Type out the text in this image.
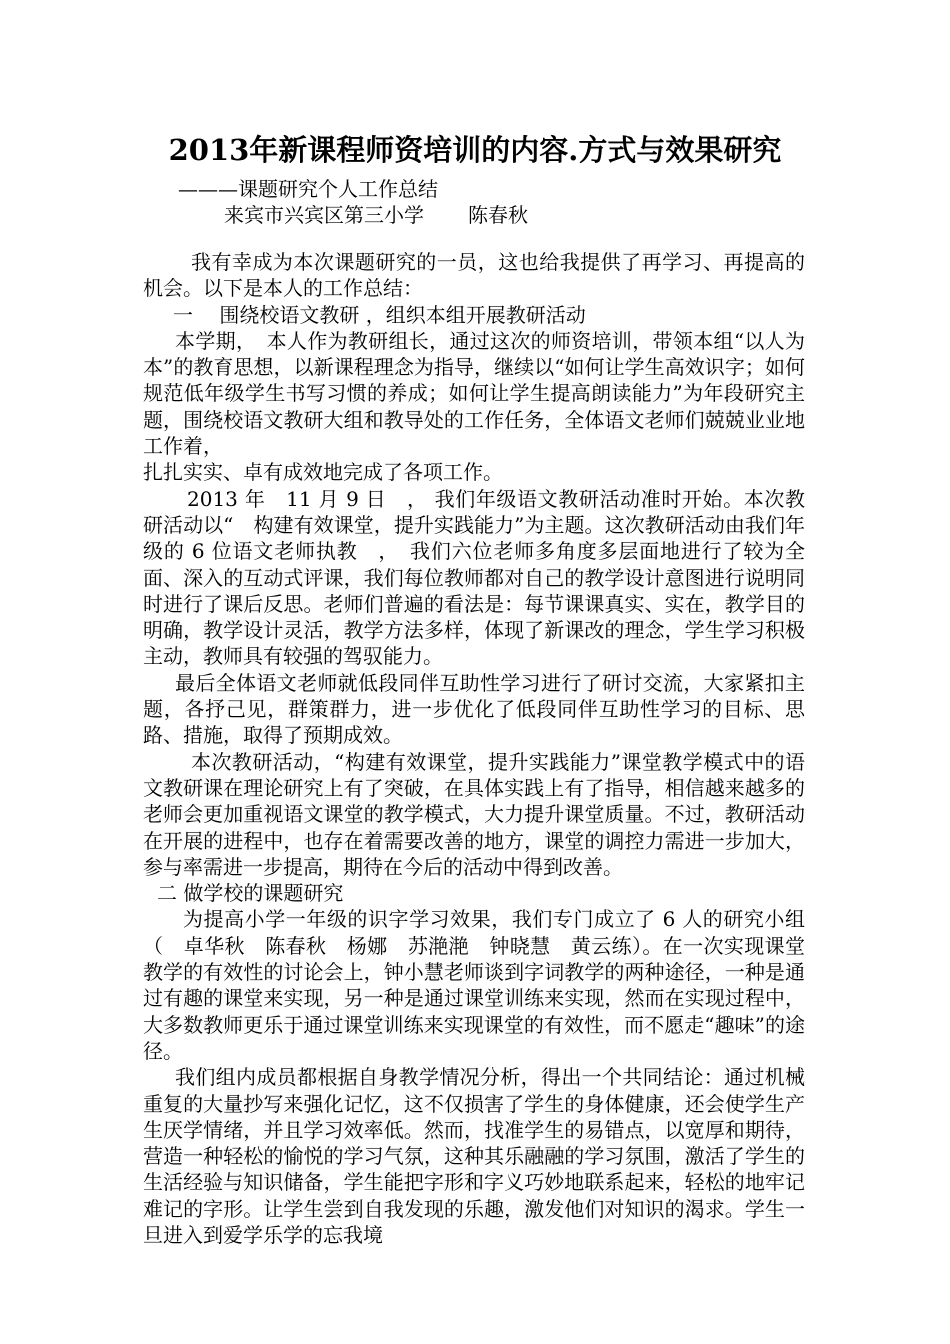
2013年新课程师资培训的内容.方式与效果研究
———课题研究个人工作总结
来宾市兴宾区第三小学 陈春秋

我有幸成为本次课题研究的一员，这也给我提供了再学习、再提高的机会。以下是本人的工作总结：

一　 围绕校语文教研 ，组织本组开展教研活动

本学期，　本人作为教研组长，通过这次的师资培训，带领本组“以人为本”的教育思想，以新课程理念为指导，继续以“如何让学生高效识字；如何规范低年级学生书写习惯的养成；如何让学生提高朗读能力”为年段研究主题，围绕校语文教研大组和教导处的工作任务，全体语文老师们兢兢业业地工作着，

扎扎实实、卓有成效地完成了各项工作。

2013 年　11 月 9 日　， 我们年级语文教研活动准时开始。本次教研活动以“　构建有效课堂，提升实践能力”为主题。这次教研活动由我们年级的 6 位语文老师执教　，　我们六位老师多角度多层面地进行了较为全面、深入的互动式评课，我们每位教师都对自己的教学设计意图进行说明同时进行了课后反思。老师们普遍的看法是：每节课课真实、实在，教学目的明确，教学设计灵活，教学方法多样，体现了新课改的理念，学生学习积极主动，教师具有较强的驾驭能力。

最后全体语文老师就低段同伴互助性学习进行了研讨交流，大家紧扣主题，各抒己见，群策群力，进一步优化了低段同伴互助性学习的目标、思路、措施，取得了预期成效。

本次教研活动，“构建有效课堂，提升实践能力”课堂教学模式中的语文教研课在理论研究上有了突破，在具体实践上有了指导，相信越来越多的老师会更加重视语文课堂的教学模式，大力提升课堂质量。不过，教研活动在开展的进程中，也存在着需要改善的地方，课堂的调控力需进一步加大，参与率需进一步提高，期待在今后的活动中得到改善。

二 做学校的课题研究

为提高小学一年级的识字学习效果，我们专门成立了 6 人的研究小组（　卓华秋　陈春秋　杨娜　苏滟滟　钟晓慧　黄云练）。在一次实现课堂教学的有效性的讨论会上，钟小慧老师谈到字词教学的两种途径，一种是通过有趣的课堂来实现，另一种是通过课堂训练来实现，然而在实现过程中，大多数教师更乐于通过课堂训练来实现课堂的有效性，而不愿走“趣味”的途径。

我们组内成员都根据自身教学情况分析，得出一个共同结论：通过机械重复的大量抄写来强化记忆，这不仅损害了学生的身体健康，还会使学生产生厌学情绪，并且学习效率低。然而，找准学生的易错点，以宽厚和期待，营造一种轻松的愉悦的学习气氛，这种其乐融融的学习氛围，激活了学生的生活经验与知识储备，学生能把字形和字义巧妙地联系起来，轻松的地牢记难记的字形。让学生尝到自我发现的乐趣，激发他们对知识的渴求。学生一旦进入到爱学乐学的忘我境
